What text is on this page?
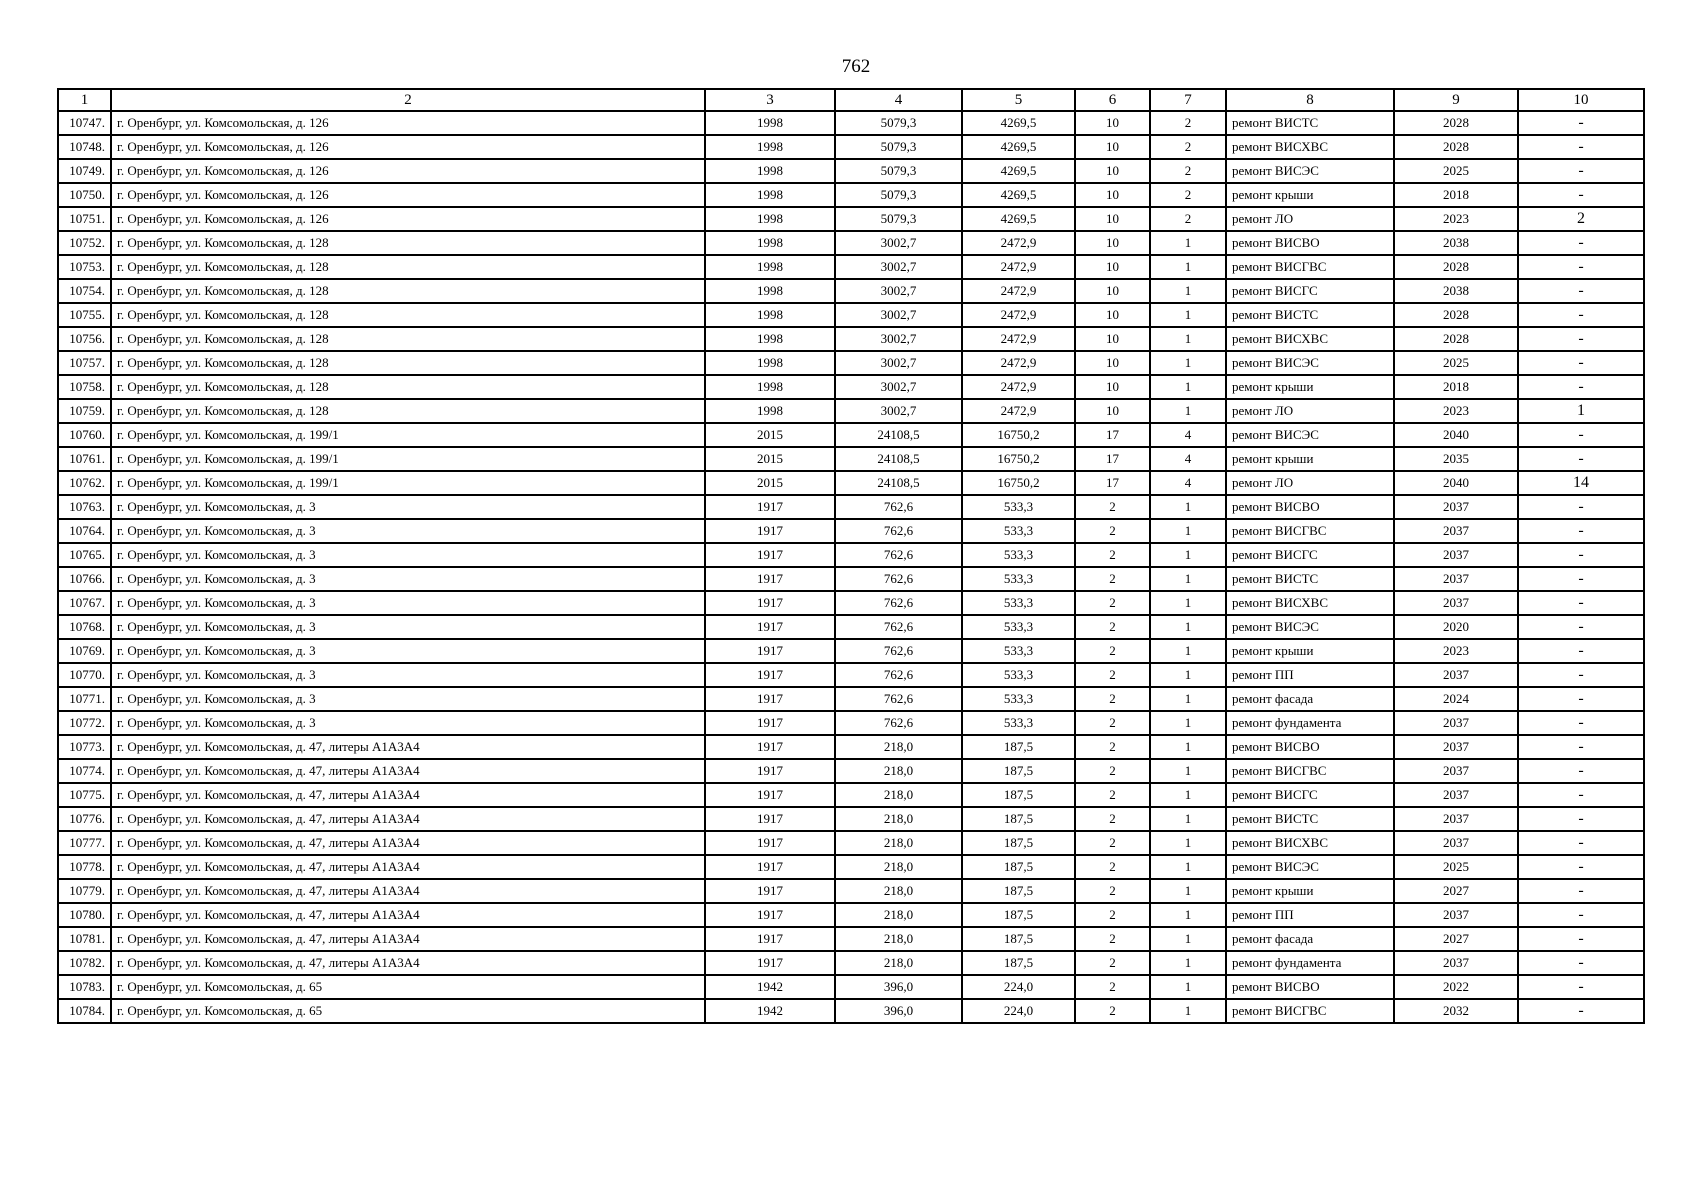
762
1	2	3	4	5	6	7	8	9	10
10747.	г. Оренбург, ул. Комсомольская, д. 126	1998	5079,3	4269,5	10	2	ремонт ВИСТС	2028	-
10748.	г. Оренбург, ул. Комсомольская, д. 126	1998	5079,3	4269,5	10	2	ремонт ВИСХВС	2028	-
10749.	г. Оренбург, ул. Комсомольская, д. 126	1998	5079,3	4269,5	10	2	ремонт ВИСЭС	2025	-
10750.	г. Оренбург, ул. Комсомольская, д. 126	1998	5079,3	4269,5	10	2	ремонт крыши	2018	-
10751.	г. Оренбург, ул. Комсомольская, д. 126	1998	5079,3	4269,5	10	2	ремонт ЛО	2023	2
10752.	г. Оренбург, ул. Комсомольская, д. 128	1998	3002,7	2472,9	10	1	ремонт ВИСВО	2038	-
10753.	г. Оренбург, ул. Комсомольская, д. 128	1998	3002,7	2472,9	10	1	ремонт ВИСГВС	2028	-
10754.	г. Оренбург, ул. Комсомольская, д. 128	1998	3002,7	2472,9	10	1	ремонт ВИСГС	2038	-
10755.	г. Оренбург, ул. Комсомольская, д. 128	1998	3002,7	2472,9	10	1	ремонт ВИСТС	2028	-
10756.	г. Оренбург, ул. Комсомольская, д. 128	1998	3002,7	2472,9	10	1	ремонт ВИСХВС	2028	-
10757.	г. Оренбург, ул. Комсомольская, д. 128	1998	3002,7	2472,9	10	1	ремонт ВИСЭС	2025	-
10758.	г. Оренбург, ул. Комсомольская, д. 128	1998	3002,7	2472,9	10	1	ремонт крыши	2018	-
10759.	г. Оренбург, ул. Комсомольская, д. 128	1998	3002,7	2472,9	10	1	ремонт ЛО	2023	1
10760.	г. Оренбург, ул. Комсомольская, д. 199/1	2015	24108,5	16750,2	17	4	ремонт ВИСЭС	2040	-
10761.	г. Оренбург, ул. Комсомольская, д. 199/1	2015	24108,5	16750,2	17	4	ремонт крыши	2035	-
10762.	г. Оренбург, ул. Комсомольская, д. 199/1	2015	24108,5	16750,2	17	4	ремонт ЛО	2040	14
10763.	г. Оренбург, ул. Комсомольская, д. 3	1917	762,6	533,3	2	1	ремонт ВИСВО	2037	-
10764.	г. Оренбург, ул. Комсомольская, д. 3	1917	762,6	533,3	2	1	ремонт ВИСГВС	2037	-
10765.	г. Оренбург, ул. Комсомольская, д. 3	1917	762,6	533,3	2	1	ремонт ВИСГС	2037	-
10766.	г. Оренбург, ул. Комсомольская, д. 3	1917	762,6	533,3	2	1	ремонт ВИСТС	2037	-
10767.	г. Оренбург, ул. Комсомольская, д. 3	1917	762,6	533,3	2	1	ремонт ВИСХВС	2037	-
10768.	г. Оренбург, ул. Комсомольская, д. 3	1917	762,6	533,3	2	1	ремонт ВИСЭС	2020	-
10769.	г. Оренбург, ул. Комсомольская, д. 3	1917	762,6	533,3	2	1	ремонт крыши	2023	-
10770.	г. Оренбург, ул. Комсомольская, д. 3	1917	762,6	533,3	2	1	ремонт ПП	2037	-
10771.	г. Оренбург, ул. Комсомольская, д. 3	1917	762,6	533,3	2	1	ремонт фасада	2024	-
10772.	г. Оренбург, ул. Комсомольская, д. 3	1917	762,6	533,3	2	1	ремонт фундамента	2037	-
10773.	г. Оренбург, ул. Комсомольская, д. 47, литеры А1А3А4	1917	218,0	187,5	2	1	ремонт ВИСВО	2037	-
10774.	г. Оренбург, ул. Комсомольская, д. 47, литеры А1А3А4	1917	218,0	187,5	2	1	ремонт ВИСГВС	2037	-
10775.	г. Оренбург, ул. Комсомольская, д. 47, литеры А1А3А4	1917	218,0	187,5	2	1	ремонт ВИСГС	2037	-
10776.	г. Оренбург, ул. Комсомольская, д. 47, литеры А1А3А4	1917	218,0	187,5	2	1	ремонт ВИСТС	2037	-
10777.	г. Оренбург, ул. Комсомольская, д. 47, литеры А1А3А4	1917	218,0	187,5	2	1	ремонт ВИСХВС	2037	-
10778.	г. Оренбург, ул. Комсомольская, д. 47, литеры А1А3А4	1917	218,0	187,5	2	1	ремонт ВИСЭС	2025	-
10779.	г. Оренбург, ул. Комсомольская, д. 47, литеры А1А3А4	1917	218,0	187,5	2	1	ремонт крыши	2027	-
10780.	г. Оренбург, ул. Комсомольская, д. 47, литеры А1А3А4	1917	218,0	187,5	2	1	ремонт ПП	2037	-
10781.	г. Оренбург, ул. Комсомольская, д. 47, литеры А1А3А4	1917	218,0	187,5	2	1	ремонт фасада	2027	-
10782.	г. Оренбург, ул. Комсомольская, д. 47, литеры А1А3А4	1917	218,0	187,5	2	1	ремонт фундамента	2037	-
10783.	г. Оренбург, ул. Комсомольская, д. 65	1942	396,0	224,0	2	1	ремонт ВИСВО	2022	-
10784.	г. Оренбург, ул. Комсомольская, д. 65	1942	396,0	224,0	2	1	ремонт ВИСГВС	2032	-
